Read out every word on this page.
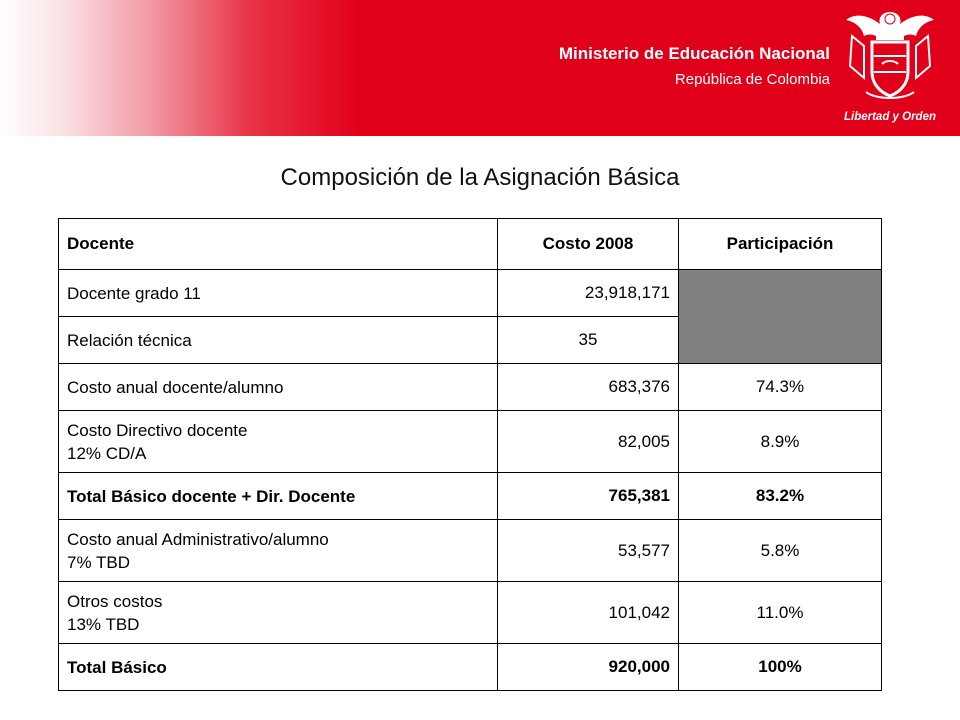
Ministerio de Educación Nacional
República de Colombia
Libertad y Orden
Composición de la Asignación Básica
Docente	Costo 2008	Participación
Docente grado 11	23,918,171	
Relación técnica	35	
Costo anual docente/alumno	683,376	74.3%
Costo Directivo docente
12% CD/A	82,005	8.9%
Total Básico docente + Dir. Docente	765,381	83.2%
Costo anual Administrativo/alumno
7% TBD	53,577	5.8%
Otros costos
13% TBD	101,042	11.0%
Total Básico	920,000	100%
